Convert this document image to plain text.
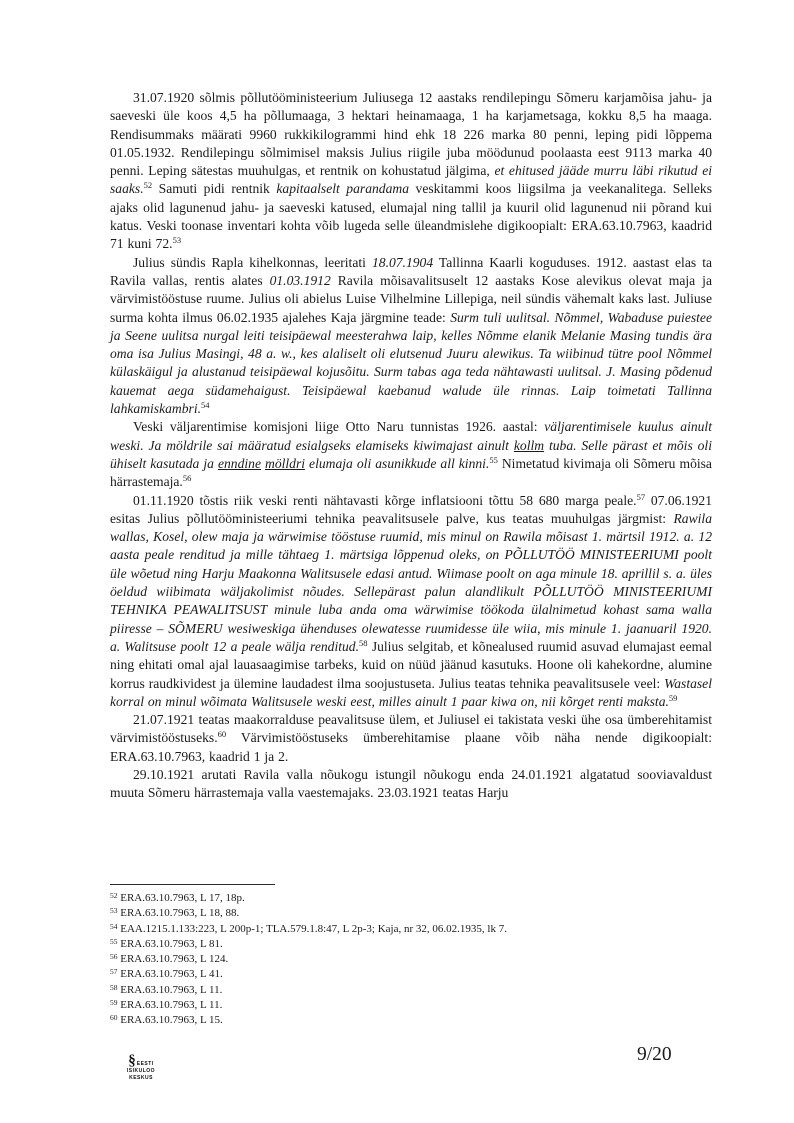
31.07.1920 sõlmis põllutööministeerium Juliusega 12 aastaks rendilepingu Sõmeru karjamõisa jahu- ja saeveski üle koos 4,5 ha põllumaaga, 3 hektari heinamaaga, 1 ha karjametsaga, kokku 8,5 ha maaga. Rendisummaks määrati 9960 rukkikilogrammi hind ehk 18 226 marka 80 penni, leping pidi lõppema 01.05.1932. Rendilepingu sõlmimisel maksis Julius riigile juba möödunud poolaasta eest 9113 marka 40 penni. Leping sätestas muuhulgas, et rentnik on kohustatud jälgima, et ehitused jääde murru läbi rikutud ei saaks.$^{52}$ Samuti pidi rentnik kapitaalselt parandama veskitammi koos liigsilma ja veekanalitega. Selleks ajaks olid lagunenud jahu- ja saeveski katused, elumajal ning tallil ja kuuril olid lagunenud nii põrand kui katus. Veski toonase inventari kohta võib lugeda selle üleandmislehe digikoopialt: ERA.63.10.7963, kaadrid 71 kuni 72.53

Julius sündis Rapla kihelkonnas, leeritati 18.07.1904 Tallinna Kaarli koguduses. 1912. aastast elas ta Ravila vallas, rentis alates 01.03.1912 Ravila mõisavalitsuselt 12 aastaks Kose alevikus olevat maja ja värvimistööstuse ruume. Julius oli abielus Luise Vilhelmine Lillepiga, neil sündis vähemalt kaks last. Juliuse surma kohta ilmus 06.02.1935 ajalehes Kaja järgmine teade: Surm tuli uulitsal. Nõmmel, Wabaduse puiestee ja Seene uulitsa nurgal leiti teisipäewal meesterahwa laip, kelles Nõmme elanik Melanie Masing tundis ära oma isa Julius Masingi, 48 a. w., kes alaliselt oli elutsenud Juuru alewikus. Ta wiibinud tütre pool Nõmmel külaskäigul ja alustanud teisipäewal kojusõitu. Surm tabas aga teda nähtawasti uulitsal. J. Masing põdenud kauemat aega südamehaigust. Teisipäewal kaebanud walude üle rinnas. Laip toimetati Tallinna lahkamiskambri.$^{54}$

Veski väljarentimise komisjoni liige Otto Naru tunnistas 1926. aastal: väljarentimisele kuulus ainult weski. Ja möldrile sai määratud esialgseks elamiseks kiwimajast ainult kollm tuba. Selle pärast et mõis oli ühiselt kasutada ja enndine mölldri elumaja oli asunikkude all kinni.$^{55}$ Nimetatud kivimaja oli Sõmeru mõisa härrastemaja.$^{56}$

01.11.1920 tõstis riik veski renti nähtavasti kõrge inflatsiooni tõttu 58 680 marga peale.$^{57}$ 07.06.1921 esitas Julius põllutööministeeriumi tehnika peavalitsusele palve, kus teatas muuhulgas järgmist: Rawila wallas, Kosel, olew maja ja wärwimise tööstuse ruumid, mis minul on Rawila mõisast 1. märtsil 1912. a. 12 aasta peale renditud ja mille tähtaeg 1. märtsiga lõppenud oleks, on PÕLLUTÖÖ MINISTEERIUMI poolt üle wõetud ning Harju Maakonna Walitsusele edasi antud. Wiimase poolt on aga minule 18. aprillil s. a. üles öeldud wiibimata wäljakolimist nõudes. Sellepärast palun alandlikult PÕLLUTÖÖ MINISTEERIUMI TEHNIKA PEAWALITSUST minule luba anda oma wärwimise töökoda ülalnimetud kohast sama walla piiresse – SÕMERU wesiweskiga ühenduses olewatesse ruumidesse üle wiia, mis minule 1. jaanuaril 1920. a. Walitsuse poolt 12 a peale wälja renditud.$^{58}$ Julius selgitab, et kõnealused ruumid asuvad elumajast eemal ning ehitati omal ajal lauasaagimise tarbeks, kuid on nüüd jäänud kasutuks. Hoone oli kahekordne, alumine korrus raudkividest ja ülemine laudadest ilma soojustuseta. Julius teatas tehnika peavalitsusele veel: Wastasel korral on minul wõimata Walitsusele weski eest, milles ainult 1 paar kiwa on, nii kõrget renti maksta.$^{59}$

21.07.1921 teatas maakorralduse peavalitsuse ülem, et Juliusel ei takistata veski ühe osa ümberehitamist värvimistööstuseks.$^{60}$ Värvimistööstuseks ümberehitamise plaane võib näha nende digikoopialt: ERA.63.10.7963, kaadrid 1 ja 2.

29.10.1921 arutati Ravila valla nõukogu istungil nõukogu enda 24.01.1921 algatatud sooviavaldust muuta Sõmeru härrastemaja valla vaestemajaks. 23.03.1921 teatas Harju

$^{52}$ ERA.63.10.7963, L 17, 18p.
$^{53}$ ERA.63.10.7963, L 18, 88.
$^{54}$ EAA.1215.1.133:223, L 200p-1; TLA.579.1.8:47, L 2p-3; Kaja, nr 32, 06.02.1935, lk 7.
$^{55}$ ERA.63.10.7963, L 81.
$^{56}$ ERA.63.10.7963, L 124.
$^{57}$ ERA.63.10.7963, L 41.
$^{58}$ ERA.63.10.7963, L 11.
$^{59}$ ERA.63.10.7963, L 11.
$^{60}$ ERA.63.10.7963, L 15.
§ EESTI
ISIKULOO
KESKUS
9/20
